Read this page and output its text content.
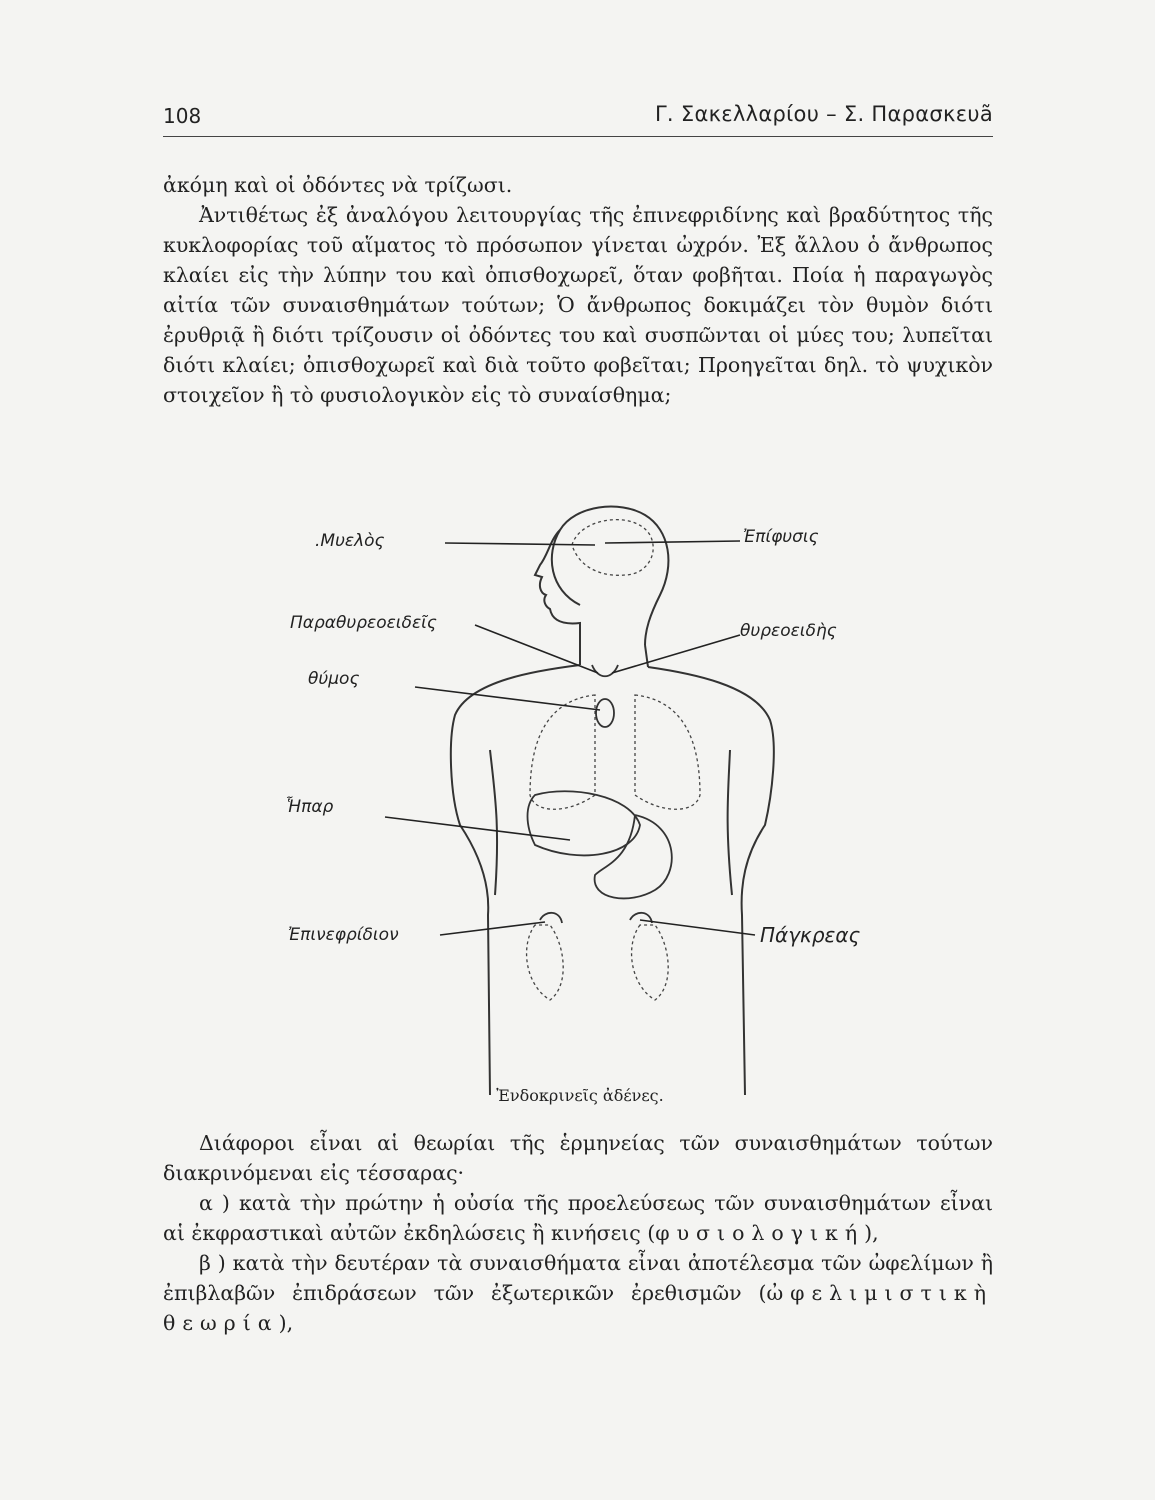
108	Γ. Σακελλαρίου – Σ. Παρασκευã

ἀκόμη καὶ οἱ ὀδόντες νὰ τρίζωσι.

Ἀντιθέτως ἐξ ἀναλόγου λειτουργίας τῆς ἐπινεφριδίνης καὶ βραδύτητος τῆς κυκλοφορίας τοῦ αἵματος τὸ πρόσωπον γίνεται ὠχρόν. Ἐξ ἄλλου ὁ ἄνθρωπος κλαίει εἰς τὴν λύπην του καὶ ὀπισθοχωρεῖ, ὅταν φοβῆται. Ποία ἡ παραγωγὸς αἰτία τῶν συναισθημάτων τούτων; Ὁ ἄνθρωπος δοκιμάζει τὸν θυμὸν διότι ἐρυθριᾷ ἢ διότι τρίζουσιν οἱ ὀδόντες του καὶ συσπῶνται οἱ μύες του; λυπεῖται διότι κλαίει; ὀπισθοχωρεῖ καὶ διὰ τοῦτο φοβεῖται; Προηγεῖται δηλ. τὸ ψυχικὸν στοιχεῖον ἢ τὸ φυσιολογικὸν εἰς τὸ συναίσθημα;

.Μυελὸς	Ἐπίφυσις
Παραθυρεοειδεῖς	θυρεοειδὴς
θύμος
Ἧπαρ
Ἐπινεφρίδιον	Πάγκρεας
Ἐνδοκρινεῖς ἀδένες.

Διάφοροι εἶναι αἱ θεωρίαι τῆς ἑρμηνείας τῶν συναισθημάτων τούτων διακρινόμεναι εἰς τέσσαρας·

α ) κατὰ τὴν πρώτην ἡ οὐσία τῆς προελεύσεως τῶν συναισθημάτων εἶναι αἱ ἐκφραστικαὶ αὐτῶν ἐκδηλώσεις ἢ κινήσεις (φυσιολογική),

β ) κατὰ τὴν δευτέραν τὰ συναισθήματα εἶναι ἀποτέλεσμα τῶν ὠφελίμων ἢ ἐπιβλαβῶν ἐπιδράσεων τῶν ἐξωτερικῶν ἐρεθισμῶν (ὠφελιμιστικὴ θεωρία),
